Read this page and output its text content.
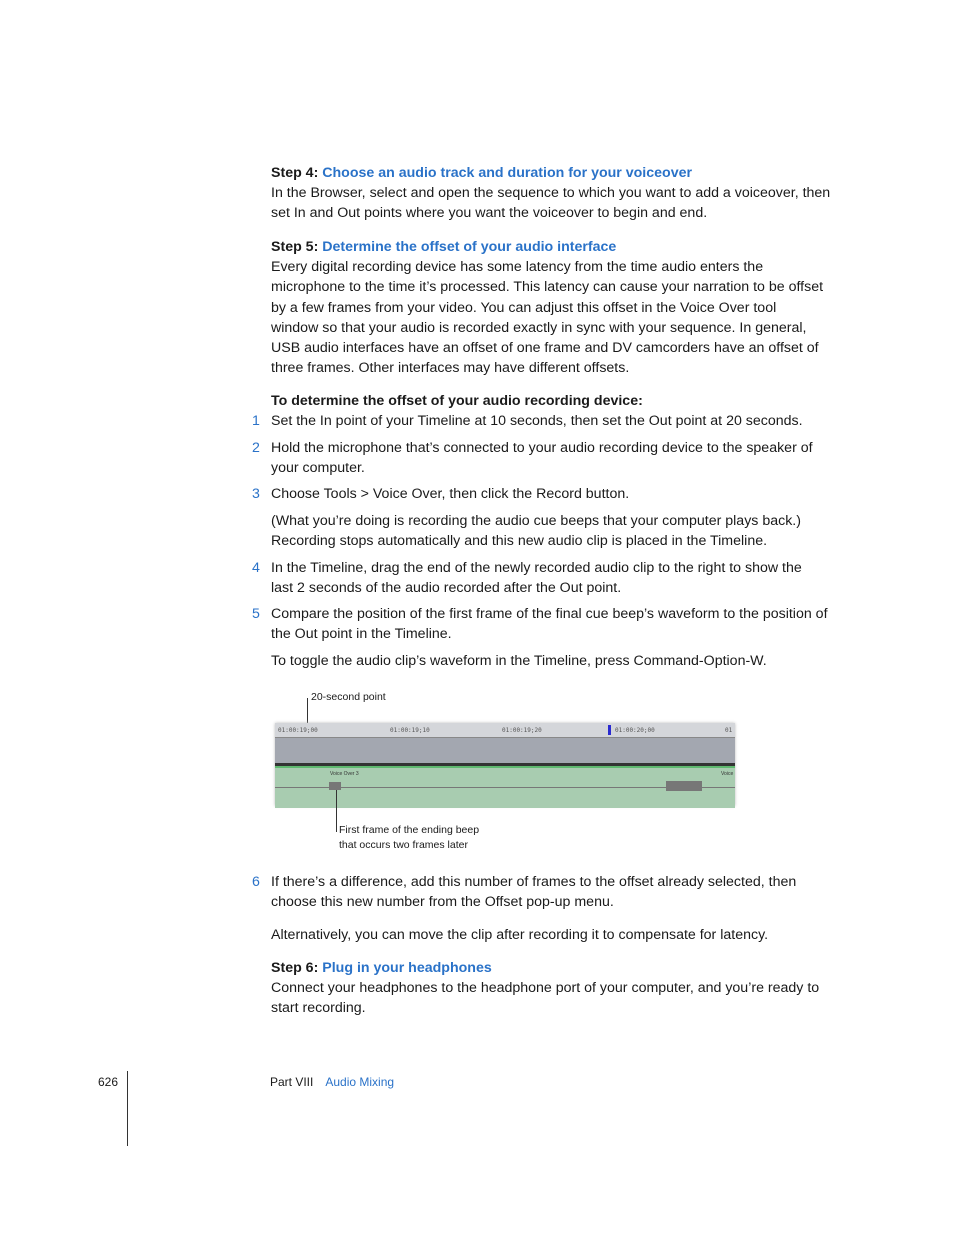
Step 4: Choose an audio track and duration for your voiceover
In the Browser, select and open the sequence to which you want to add a voiceover, then set In and Out points where you want the voiceover to begin and end.
Step 5: Determine the offset of your audio interface
Every digital recording device has some latency from the time audio enters the microphone to the time it’s processed. This latency can cause your narration to be offset by a few frames from your video. You can adjust this offset in the Voice Over tool window so that your audio is recorded exactly in sync with your sequence. In general, USB audio interfaces have an offset of one frame and DV camcorders have an offset of three frames. Other interfaces may have different offsets.
To determine the offset of your audio recording device:
1 Set the In point of your Timeline at 10 seconds, then set the Out point at 20 seconds.
2 Hold the microphone that’s connected to your audio recording device to the speaker of your computer.
3 Choose Tools > Voice Over, then click the Record button.
(What you’re doing is recording the audio cue beeps that your computer plays back.) Recording stops automatically and this new audio clip is placed in the Timeline.
4 In the Timeline, drag the end of the newly recorded audio clip to the right to show the last 2 seconds of the audio recorded after the Out point.
5 Compare the position of the first frame of the final cue beep’s waveform to the position of the Out point in the Timeline.
To toggle the audio clip’s waveform in the Timeline, press Command-Option-W.
20-second point
01:00:19;00	01:00:19;10	01:00:19;20	01:00:20;00	01
Voice Over 3	Voice
First frame of the ending beep
that occurs two frames later
6 If there’s a difference, add this number of frames to the offset already selected, then choose this new number from the Offset pop-up menu.
Alternatively, you can move the clip after recording it to compensate for latency.
Step 6: Plug in your headphones
Connect your headphones to the headphone port of your computer, and you’re ready to start recording.
626	Part VIII Audio Mixing
